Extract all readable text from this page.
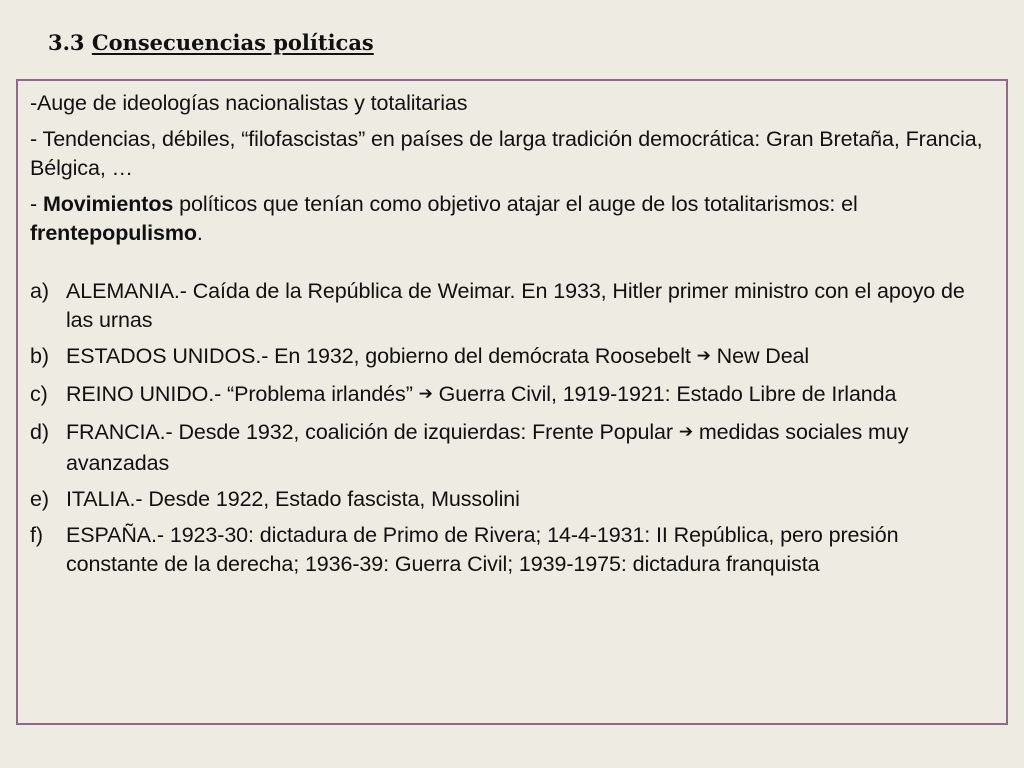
3.3 Consecuencias políticas

-Auge de ideologías nacionalistas y totalitarias

- Tendencias, débiles, “filofascistas” en países de larga tradición democrática: Gran Bretaña, Francia, Bélgica, …

- Movimientos políticos que tenían como objetivo atajar el auge de los totalitarismos: el frentepopulismo.

a) ALEMANIA.- Caída de la República de Weimar. En 1933, Hitler primer ministro con el apoyo de las urnas
b) ESTADOS UNIDOS.- En 1932, gobierno del demócrata Roosebelt ➔ New Deal
c) REINO UNIDO.- “Problema irlandés” ➔ Guerra Civil, 1919-1921: Estado Libre de Irlanda
d) FRANCIA.- Desde 1932, coalición de izquierdas: Frente Popular ➔ medidas sociales muy avanzadas
e) ITALIA.- Desde 1922, Estado fascista, Mussolini
f)	ESPAÑA.- 1923-30: dictadura de Primo de Rivera; 14-4-1931: II República, pero presión constante de la derecha; 1936-39: Guerra Civil; 1939-1975: dictadura franquista
